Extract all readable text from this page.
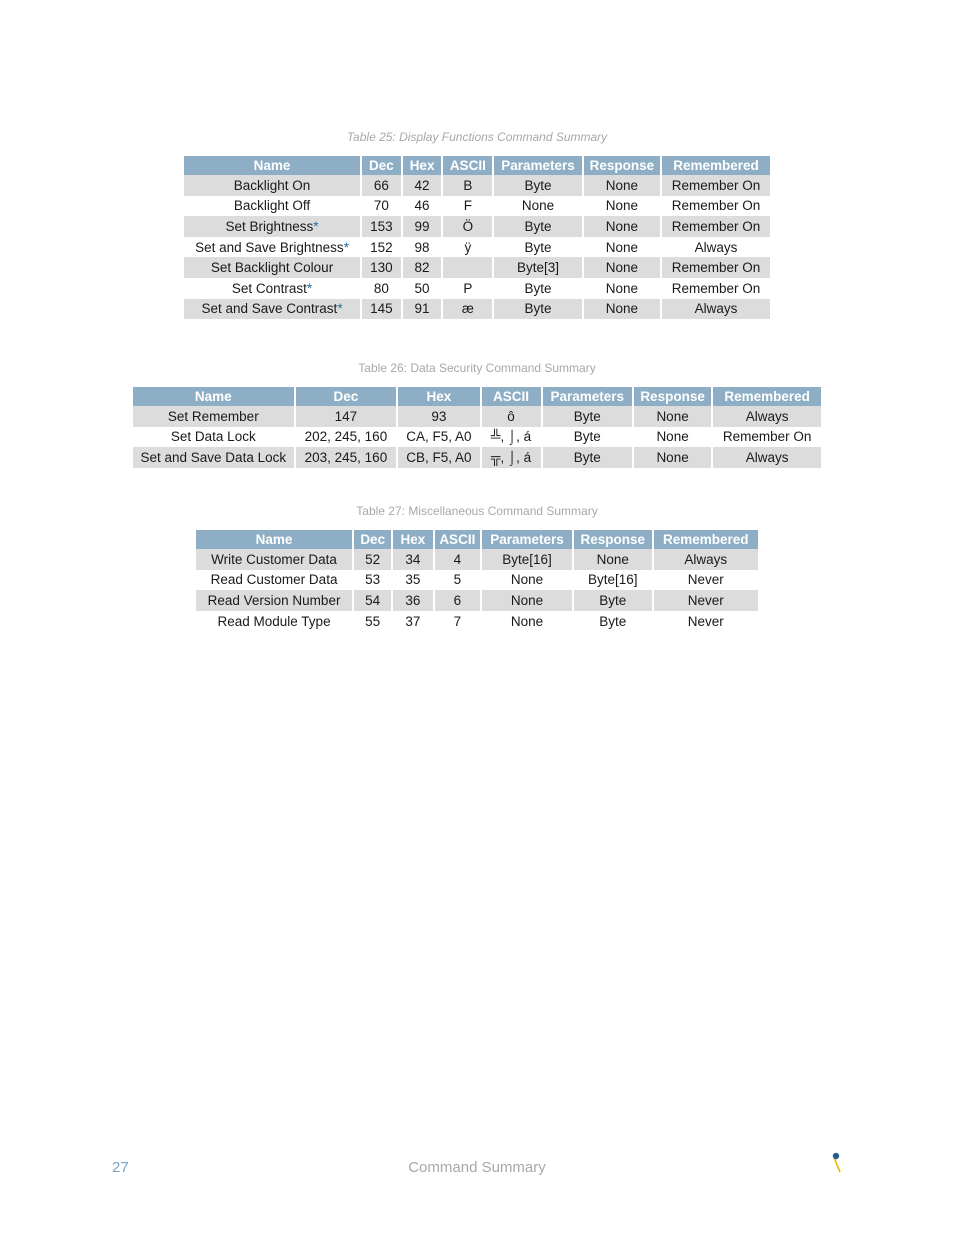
Table 25: Display Functions Command Summary
Name	Dec	Hex	ASCII	Parameters	Response	Remembered
Backlight On	66	42	B	Byte	None	Remember On
Backlight Off	70	46	F	None	None	Remember On
Set Brightness*	153	99	Ö	Byte	None	Remember On
Set and Save Brightness*	152	98	ÿ	Byte	None	Always
Set Backlight Colour	130	82		Byte[3]	None	Remember On
Set Contrast*	80	50	P	Byte	None	Remember On
Set and Save Contrast*	145	91	æ	Byte	None	Always
Table 26: Data Security Command Summary
Name	Dec	Hex	ASCII	Parameters	Response	Remembered
Set Remember	147	93	ô	Byte	None	Always
Set Data Lock	202, 245, 160	CA, F5, A0	╩, ⌡, á	Byte	None	Remember On
Set and Save Data Lock	203, 245, 160	CB, F5, A0	╦, ⌡, á	Byte	None	Always
Table 27: Miscellaneous Command Summary
Name	Dec	Hex	ASCII	Parameters	Response	Remembered
Write Customer Data	52	34	4	Byte[16]	None	Always
Read Customer Data	53	35	5	None	Byte[16]	Never
Read Version Number	54	36	6	None	Byte	Never
Read Module Type	55	37	7	None	Byte	Never
27	Command Summary
